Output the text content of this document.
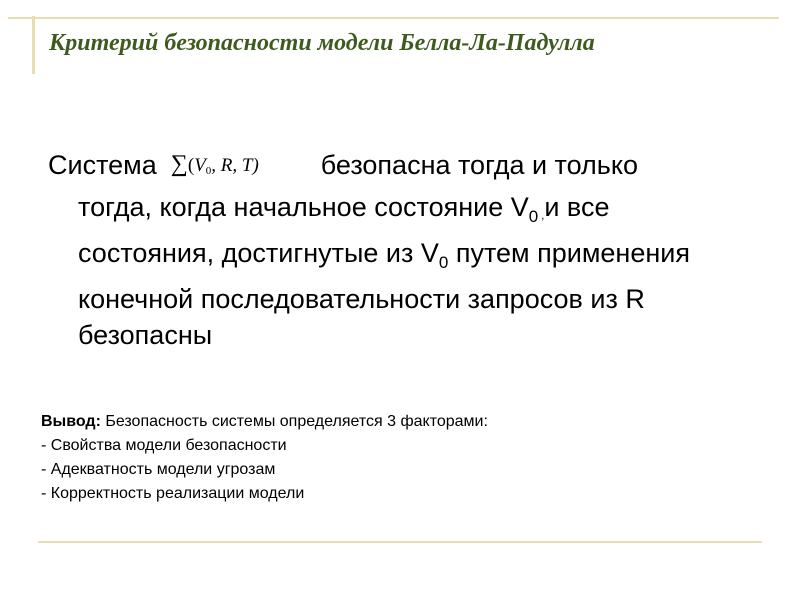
Критерий безопасности модели Белла-Ла-Падулла
Система ∑(V0, R, T) безопасна тогда и только
тогда, когда начальное состояние $V_0$ ,и все
состояния, достигнутые из $V_0$ путем применения
конечной последовательности запросов из R
безопасны
Вывод: Безопасность системы определяется 3 факторами:
- Свойства модели безопасности
- Адекватность модели угрозам
- Корректность реализации модели
